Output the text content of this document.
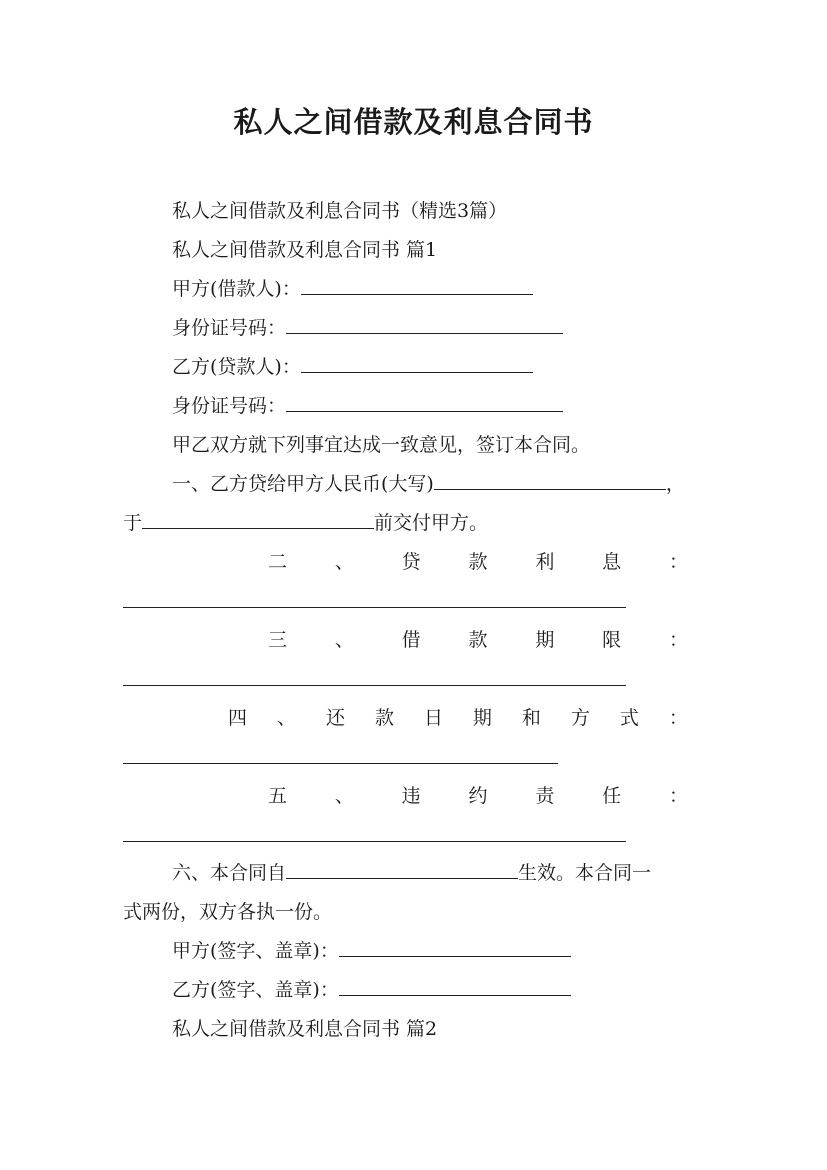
私人之间借款及利息合同书
私人之间借款及利息合同书（精选3篇）
私人之间借款及利息合同书 篇1
甲方(借款人)：
身份证号码：
乙方(贷款人)：
身份证号码：
甲乙双方就下列事宜达成一致意见，签订本合同。
一、乙方贷给甲方人民币(大写)	，
于	前交付甲方。
二	、	贷	款	利	息	：
三	、	借	款	期	限	：
四 、 还 款 日 期 和 方 式 ：
五	、	违	约	责	任	：
六、本合同自	生效。本合同一
式两份，双方各执一份。
甲方(签字、盖章)：
乙方(签字、盖章)：
私人之间借款及利息合同书 篇2
